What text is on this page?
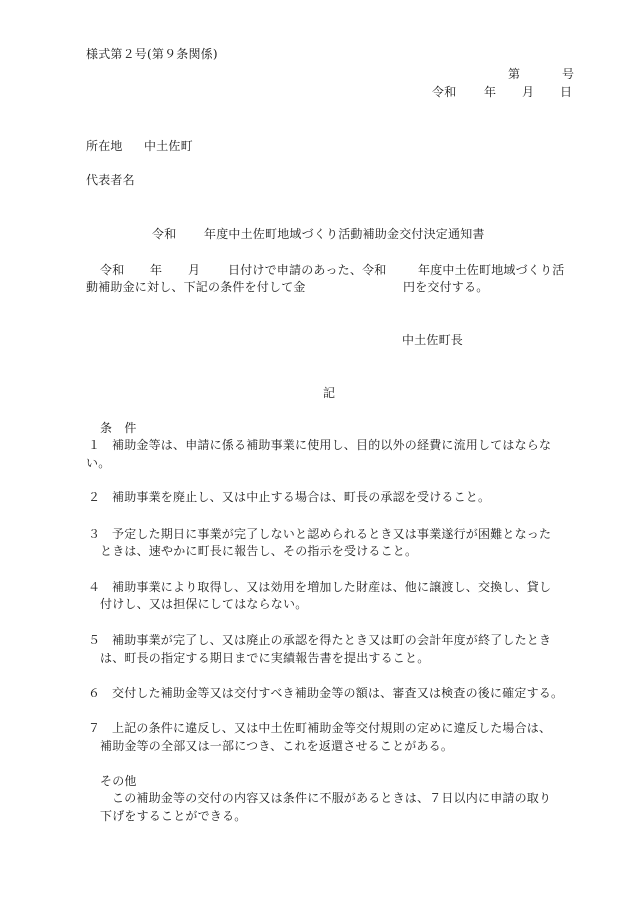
様式第２号(第９条関係)
第	号
令和 年 月 日
所在地 中土佐町
代表者名
令和 年度中土佐町地域づくり活動補助金交付決定通知書
令和 年 月 日付けで申請のあった、令和	年度中土佐町地域づくり活
動補助金に対し、下記の条件を付して金	円を交付する。
中土佐町長
記
条　件
１ 補助金等は、申請に係る補助事業に使用し、目的以外の経費に流用してはならな
い。
２ 補助事業を廃止し、又は中止する場合は、町長の承認を受けること。
３ 予定した期日に事業が完了しないと認められるとき又は事業遂行が困難となった
ときは、速やかに町長に報告し、その指示を受けること。
４ 補助事業により取得し、又は効用を増加した財産は、他に譲渡し、交換し、貸し
付けし、又は担保にしてはならない。
５ 補助事業が完了し、又は廃止の承認を得たとき又は町の会計年度が終了したとき
は、町長の指定する期日までに実績報告書を提出すること。
６ 交付した補助金等又は交付すべき補助金等の額は、審査又は検査の後に確定する。
７ 上記の条件に違反し、又は中土佐町補助金等交付規則の定めに違反した場合は、
補助金等の全部又は一部につき、これを返還させることがある。
その他
この補助金等の交付の内容又は条件に不服があるときは、７日以内に申請の取り
下げをすることができる。
